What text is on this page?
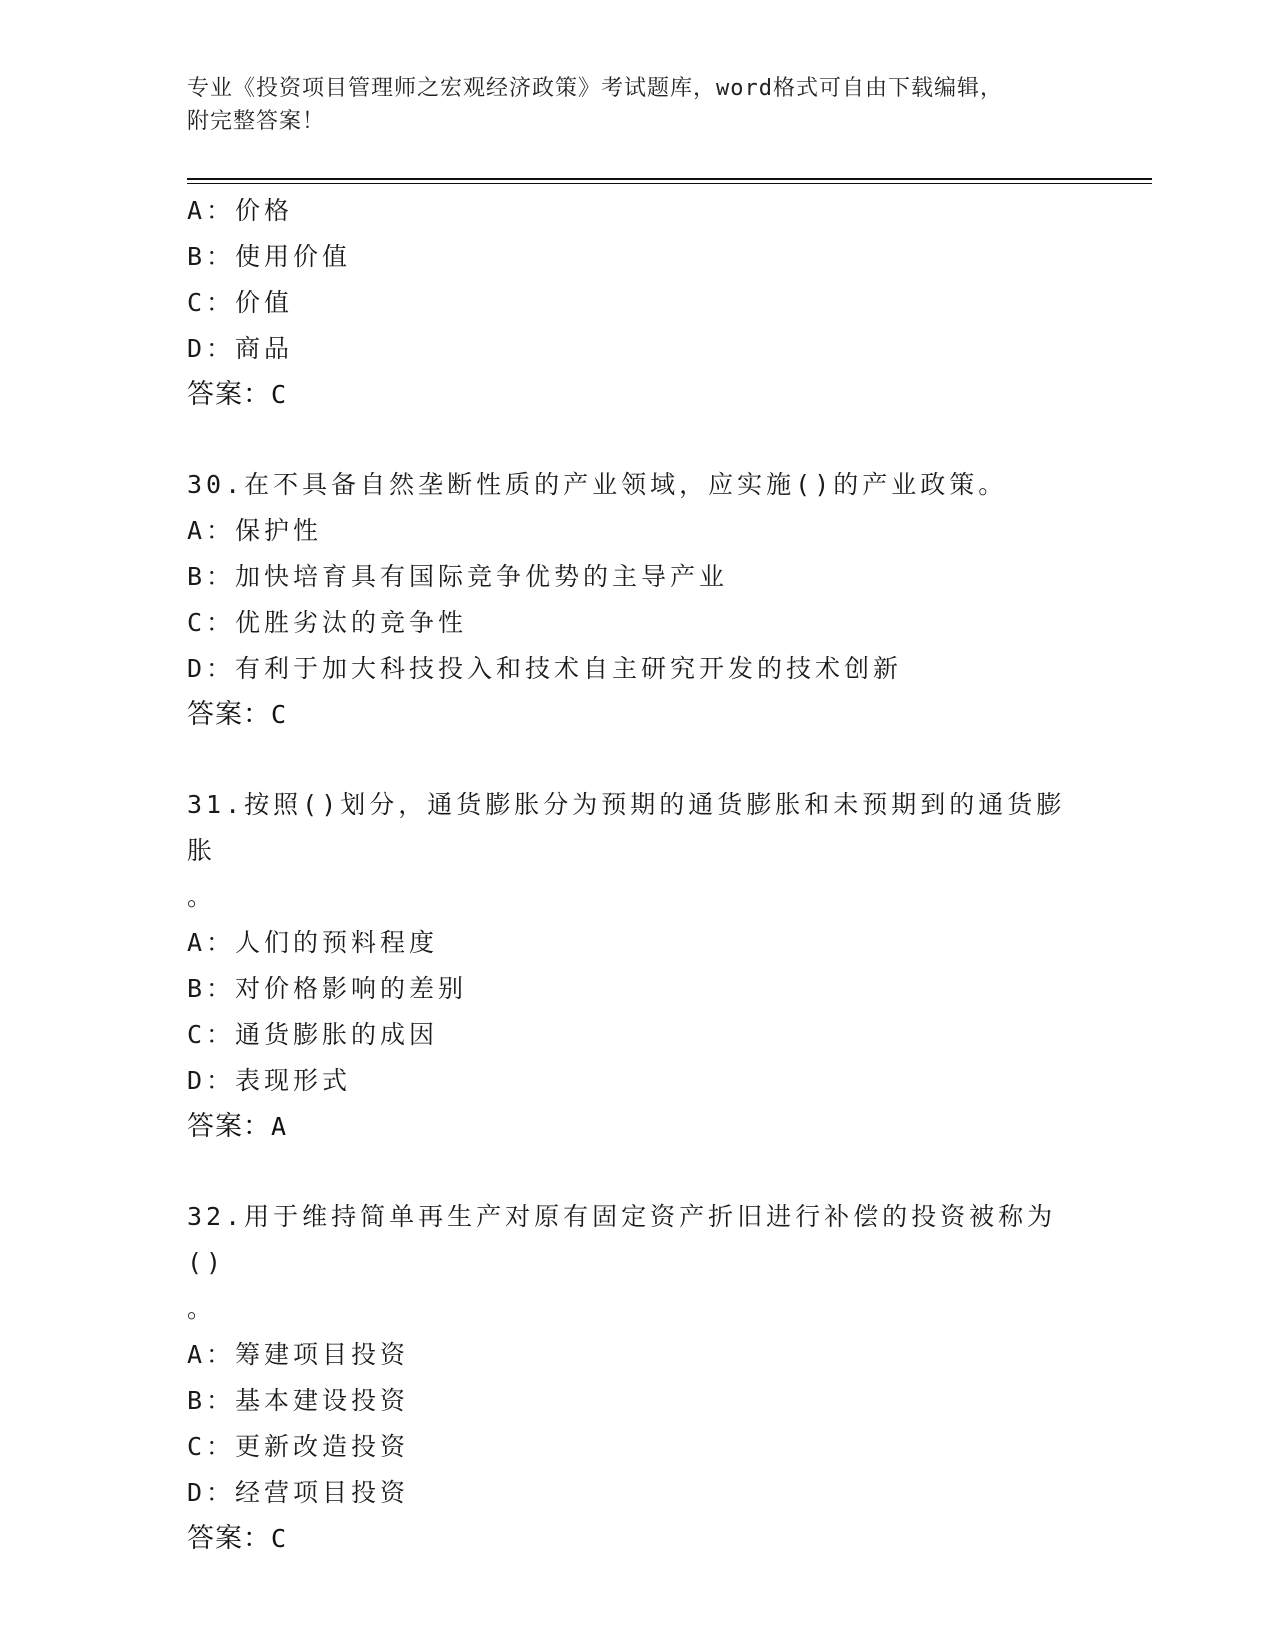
专业《投资项目管理师之宏观经济政策》考试题库，word格式可自由下载编辑，
附完整答案！
A：价格
B：使用价值
C：价值
D：商品
答案：C
30.在不具备自然垄断性质的产业领域，应实施()的产业政策。
A：保护性
B：加快培育具有国际竞争优势的主导产业
C：优胜劣汰的竞争性
D：有利于加大科技投入和技术自主研究开发的技术创新
答案：C
31.按照()划分，通货膨胀分为预期的通货膨胀和未预期到的通货膨胀
。
A：人们的预料程度
B：对价格影响的差别
C：通货膨胀的成因
D：表现形式
答案：A
32.用于维持简单再生产对原有固定资产折旧进行补偿的投资被称为()
。
A：筹建项目投资
B：基本建设投资
C：更新改造投资
D：经营项目投资
答案：C
